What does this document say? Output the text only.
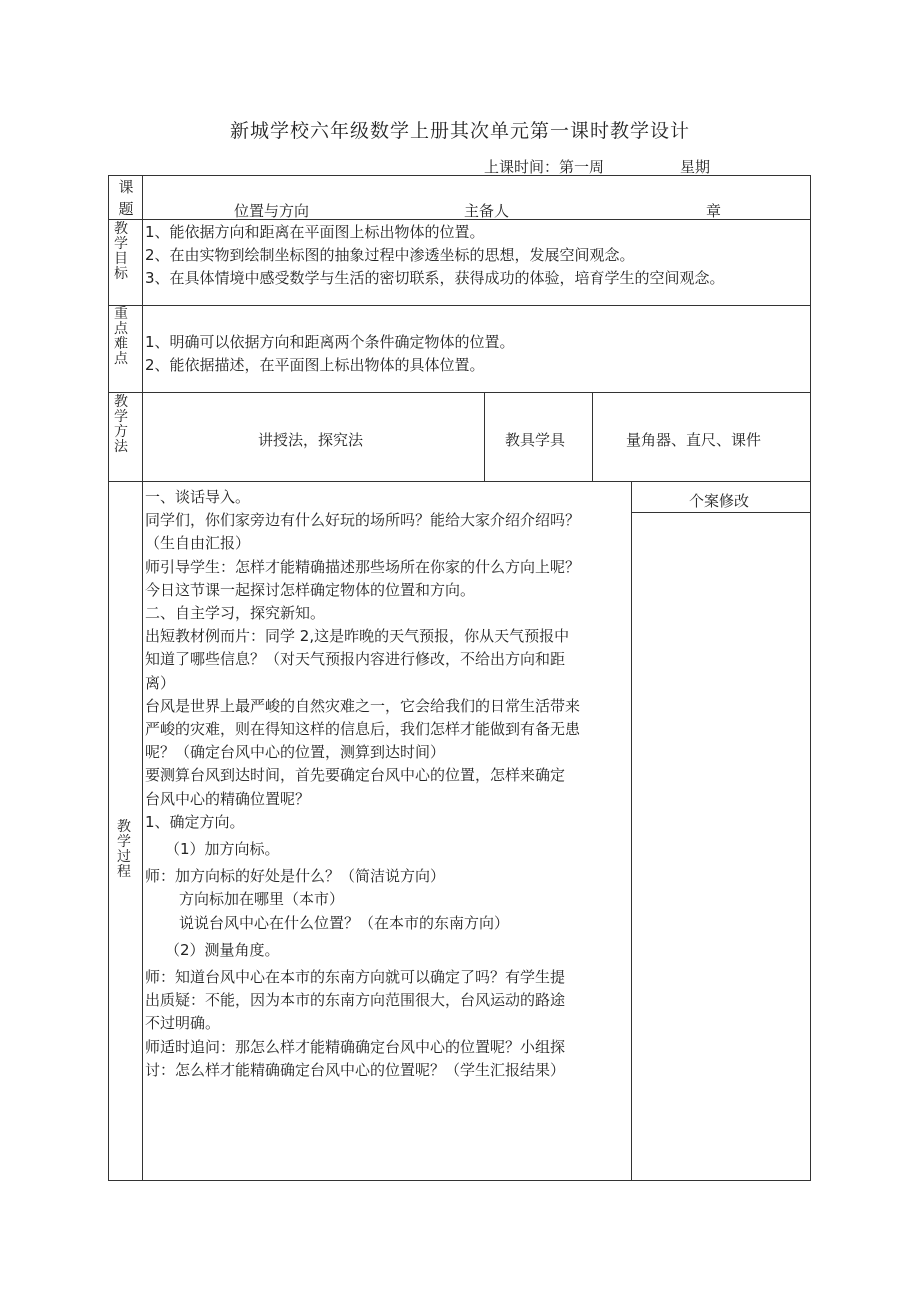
新城学校六年级数学上册其次单元第一课时教学设计
上课时间：第一周	星期
课
题	位置与方向	主备人	章
教
学
目
标
1、能依据方向和距离在平面图上标出物体的位置。
2、在由实物到绘制坐标图的抽象过程中渗透坐标的思想，发展空间观念。
3、在具体情境中感受数学与生活的密切联系，获得成功的体验，培育学生的空间观念。
重
点
难
点
1、明确可以依据方向和距离两个条件确定物体的位置。
2、能依据描述，在平面图上标出物体的具体位置。
教
学
方
法	讲授法，探究法	教具学具	量角器、直尺、课件
教
学
过
程
个案修改

一、谈话导入。

同学们，你们家旁边有什么好玩的场所吗？能给大家介绍介绍吗？

（生自由汇报）

师引导学生：怎样才能精确描述那些场所在你家的什么方向上呢？

今日这节课一起探讨怎样确定物体的位置和方向。

二、自主学习，探究新知。

出短教材例而片：同学 2,这是昨晚的天气预报，你从天气预报中

知道了哪些信息？（对天气预报内容进行修改，不给出方向和距

离）

台风是世界上最严峻的自然灾难之一，它会给我们的日常生活带来

严峻的灾难，则在得知这样的信息后，我们怎样才能做到有备无患

呢？（确定台风中心的位置，测算到达时间）

要测算台风到达时间，首先要确定台风中心的位置，怎样来确定

台风中心的精确位置呢？

1、确定方向。

（1）加方向标。

师：加方向标的好处是什么？（简洁说方向）

方向标加在哪里（本市）

说说台风中心在什么位置？（在本市的东南方向）

（2）测量角度。

师：知道台风中心在本市的东南方向就可以确定了吗？有学生提

出质疑：不能，因为本市的东南方向范围很大，台风运动的路途

不过明确。

师适时追问：那怎么样才能精确确定台风中心的位置呢？小组探

讨：怎么样才能精确确定台风中心的位置呢？（学生汇报结果）
